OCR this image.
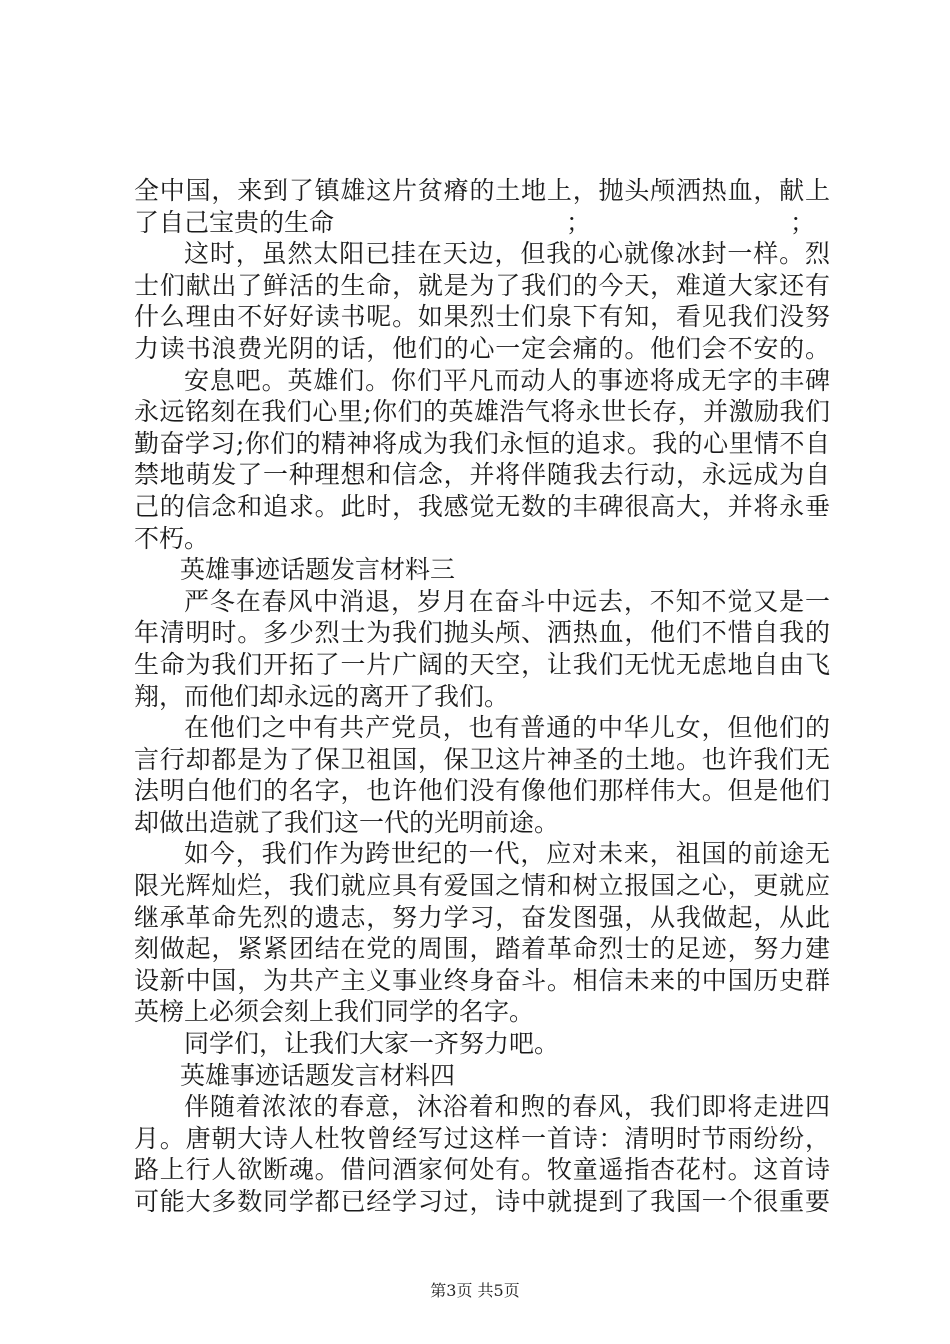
全中国，来到了镇雄这片贫瘠的土地上，抛头颅洒热血，献上
了自己宝贵的生命	；	；
这时，虽然太阳已挂在天边，但我的心就像冰封一样。烈
士们献出了鲜活的生命，就是为了我们的今天，难道大家还有
什么理由不好好读书呢。如果烈士们泉下有知，看见我们没努
力读书浪费光阴的话，他们的心一定会痛的。他们会不安的。
安息吧。英雄们。你们平凡而动人的事迹将成无字的丰碑
永远铭刻在我们心里;你们的英雄浩气将永世长存，并激励我们
勤奋学习;你们的精神将成为我们永恒的追求。我的心里情不自
禁地萌发了一种理想和信念，并将伴随我去行动，永远成为自
己的信念和追求。此时，我感觉无数的丰碑很高大，并将永垂
不朽。
英雄事迹话题发言材料三
严冬在春风中消退，岁月在奋斗中远去，不知不觉又是一
年清明时。多少烈士为我们抛头颅、洒热血，他们不惜自我的
生命为我们开拓了一片广阔的天空，让我们无忧无虑地自由飞
翔，而他们却永远的离开了我们。
在他们之中有共产党员，也有普通的中华儿女，但他们的
言行却都是为了保卫祖国，保卫这片神圣的土地。也许我们无
法明白他们的名字，也许他们没有像他们那样伟大。但是他们
却做出造就了我们这一代的光明前途。
如今，我们作为跨世纪的一代，应对未来，祖国的前途无
限光辉灿烂，我们就应具有爱国之情和树立报国之心，更就应
继承革命先烈的遗志，努力学习，奋发图强，从我做起，从此
刻做起，紧紧团结在党的周围，踏着革命烈士的足迹，努力建
设新中国，为共产主义事业终身奋斗。相信未来的中国历史群
英榜上必须会刻上我们同学的名字。
同学们，让我们大家一齐努力吧。
英雄事迹话题发言材料四
伴随着浓浓的春意，沐浴着和煦的春风，我们即将走进四
月。唐朝大诗人杜牧曾经写过这样一首诗：清明时节雨纷纷，
路上行人欲断魂。借问酒家何处有。牧童遥指杏花村。这首诗
可能大多数同学都已经学习过，诗中就提到了我国一个很重要
第3页 共5页
